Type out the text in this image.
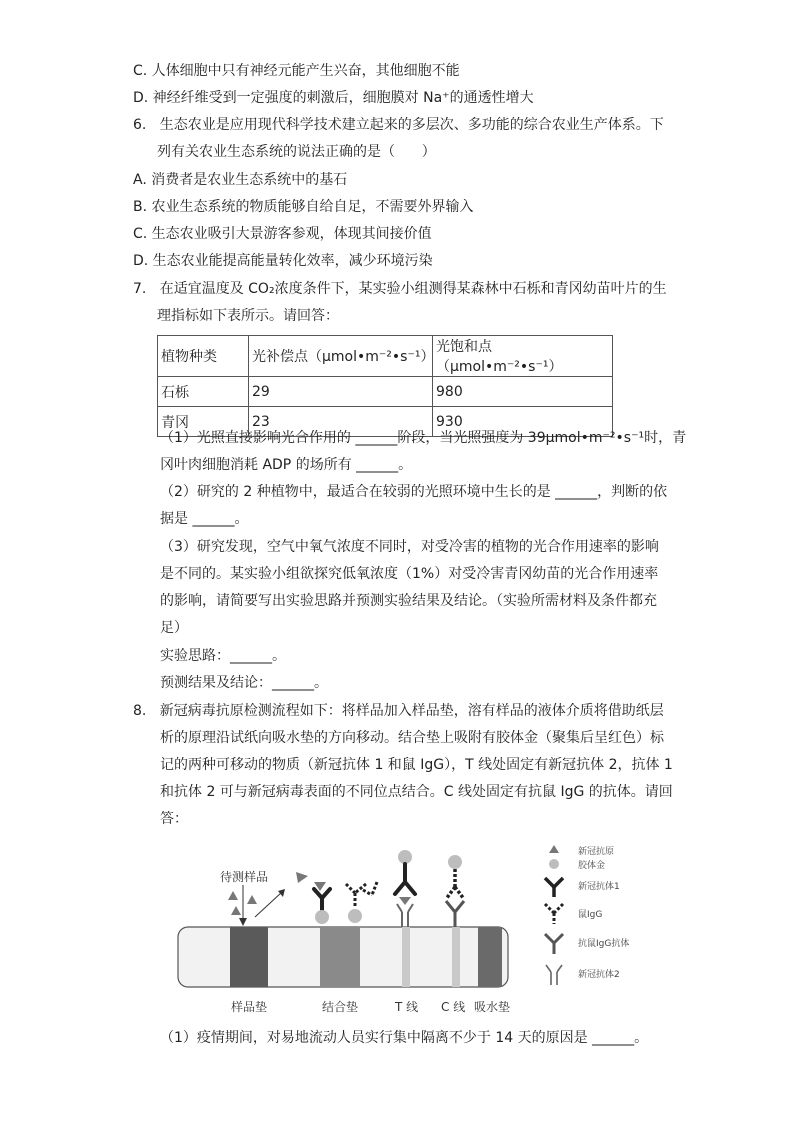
C. 人体细胞中只有神经元能产生兴奋，其他细胞不能
D. 神经纤维受到一定强度的刺激后，细胞膜对 Na⁺的通透性增大
6.   生态农业是应用现代科学技术建立起来的多层次、多功能的综合农业生产体系。下
列有关农业生态系统的说法正确的是（      ）
A. 消费者是农业生态系统中的基石
B. 农业生态系统的物质能够自给自足，不需要外界输入
C. 生态农业吸引大景游客参观，体现其间接价值
D. 生态农业能提高能量转化效率，减少环境污染
7.   在适宜温度及 CO₂浓度条件下，某实验小组测得某森林中石栎和青冈幼苗叶片的生
理指标如下表所示。请回答：
植物种类	光补偿点（μmol•m⁻²•s⁻¹）	光饱和点（μmol•m⁻²•s⁻¹）
石栎	29	980
青冈	23	930
（1）光照直接影响光合作用的 ______阶段，当光照强度为 39μmol•m⁻²•s⁻¹时，青
冈叶肉细胞消耗 ADP 的场所有 ______。
（2）研究的 2 种植物中，最适合在较弱的光照环境中生长的是 ______，判断的依
据是 ______。
（3）研究发现，空气中氧气浓度不同时，对受冷害的植物的光合作用速率的影响
是不同的。某实验小组欲探究低氧浓度（1%）对受冷害青冈幼苗的光合作用速率
的影响，请简要写出实验思路并预测实验结果及结论。（实验所需材料及条件都充
足）
实验思路：______。
预测结果及结论：______。
8.   新冠病毒抗原检测流程如下：将样品加入样品垫，溶有样品的液体介质将借助纸层
析的原理沿试纸向吸水垫的方向移动。结合垫上吸附有胶体金（聚集后呈红色）标
记的两种可移动的物质（新冠抗体 1 和鼠 IgG），T 线处固定有新冠抗体 2，抗体 1
和抗体 2 可与新冠病毒表面的不同位点结合。C 线处固定有抗鼠 IgG 的抗体。请回
答：
待测样品
样品垫	结合垫	T 线 C 线 吸水垫
新冠抗原
胶体金
新冠抗体1
鼠IgG
抗鼠IgG抗体
新冠抗体2
（1）疫情期间，对易地流动人员实行集中隔离不少于 14 天的原因是 ______。
